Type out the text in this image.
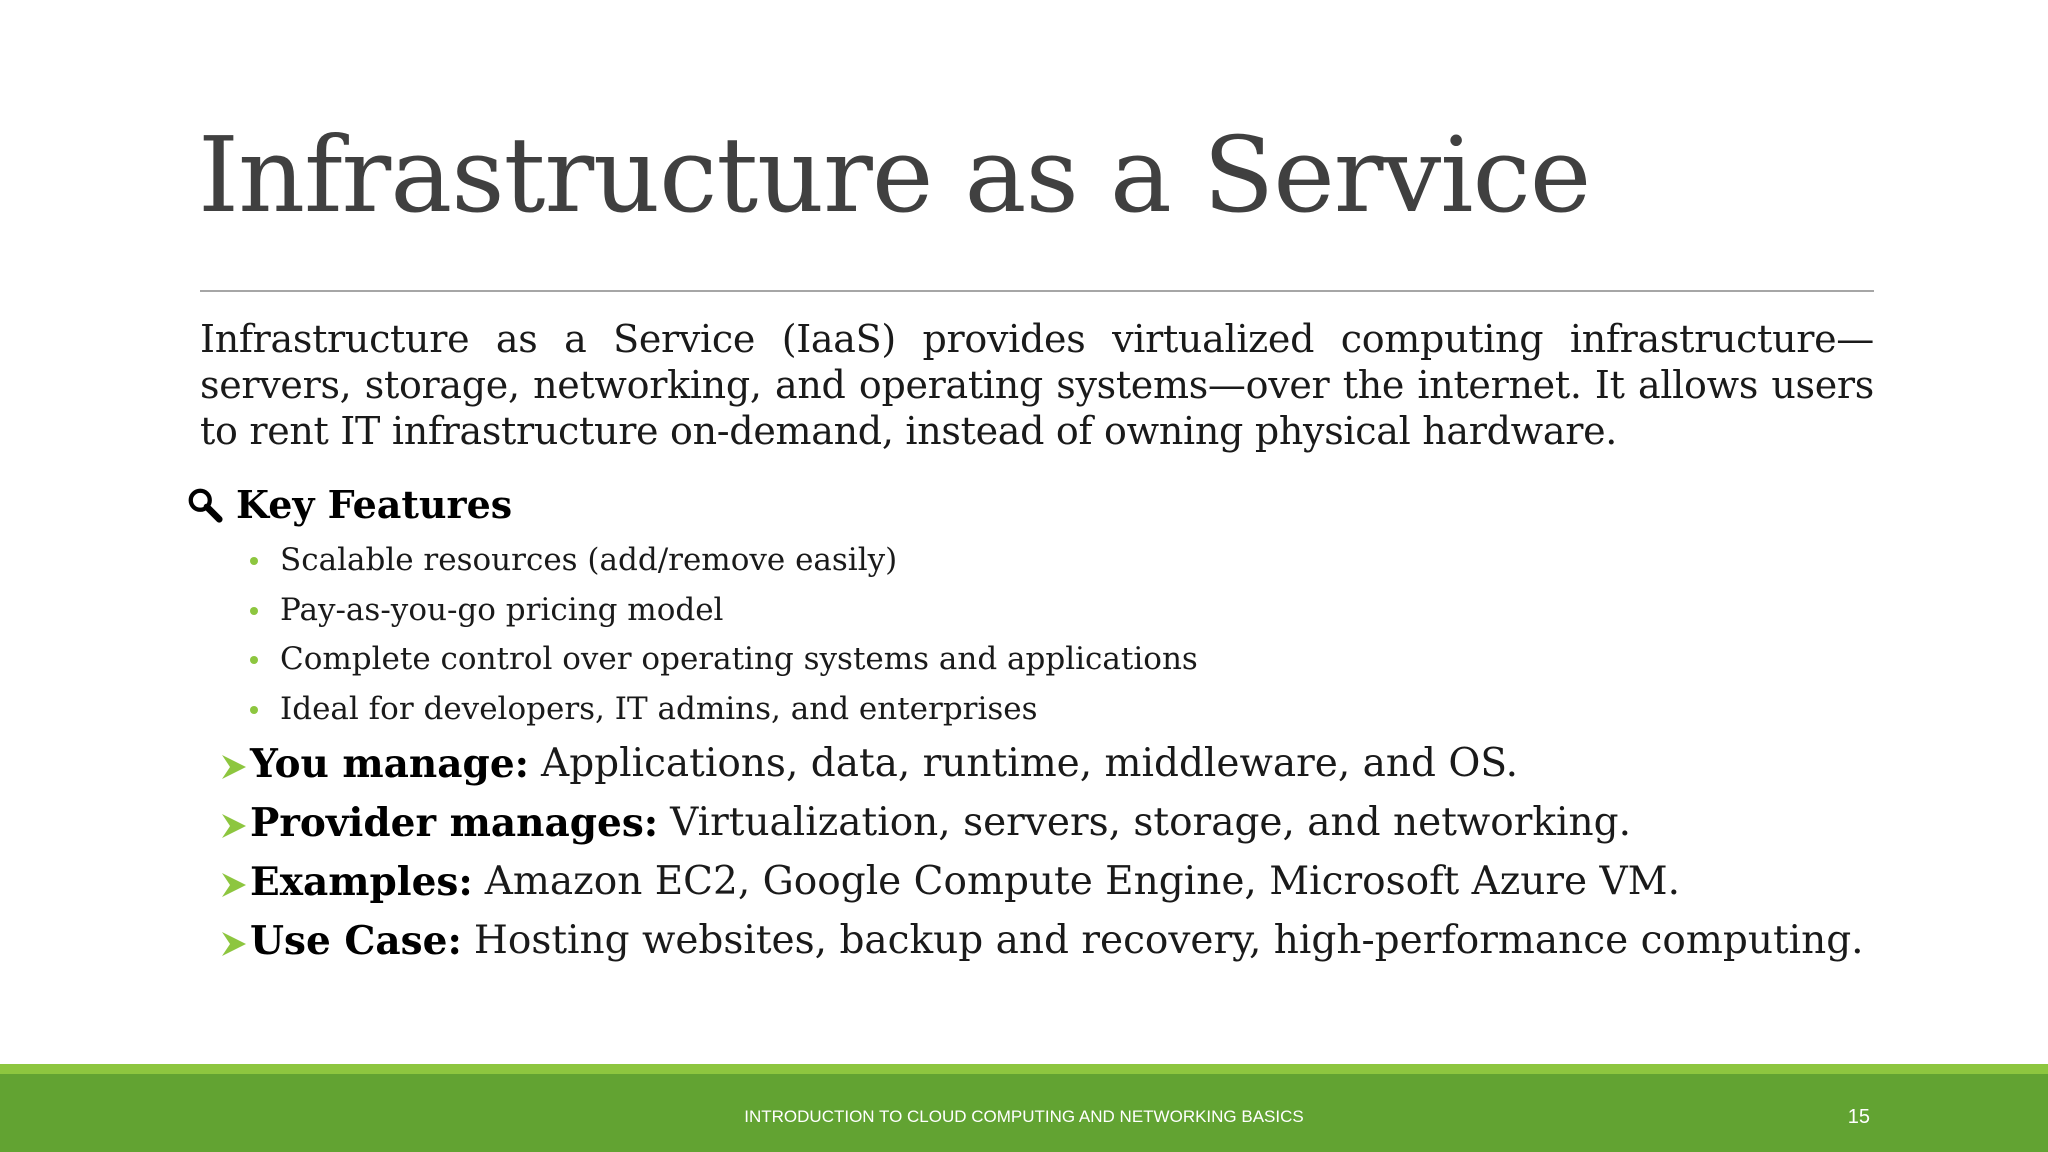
Infrastructure as a Service

Infrastructure as a Service (IaaS) provides virtualized computing infrastructure—servers, storage, networking, and operating systems—over the internet. It allows users to rent IT infrastructure on-demand, instead of owning physical hardware.

Key Features
Scalable resources (add/remove easily)
Pay-as-you-go pricing model
Complete control over operating systems and applications
Ideal for developers, IT admins, and enterprises
You manage: Applications, data, runtime, middleware, and OS.
Provider manages: Virtualization, servers, storage, and networking.
Examples: Amazon EC2, Google Compute Engine, Microsoft Azure VM.
Use Case: Hosting websites, backup and recovery, high-performance computing.
INTRODUCTION TO CLOUD COMPUTING AND NETWORKING BASICS	15
